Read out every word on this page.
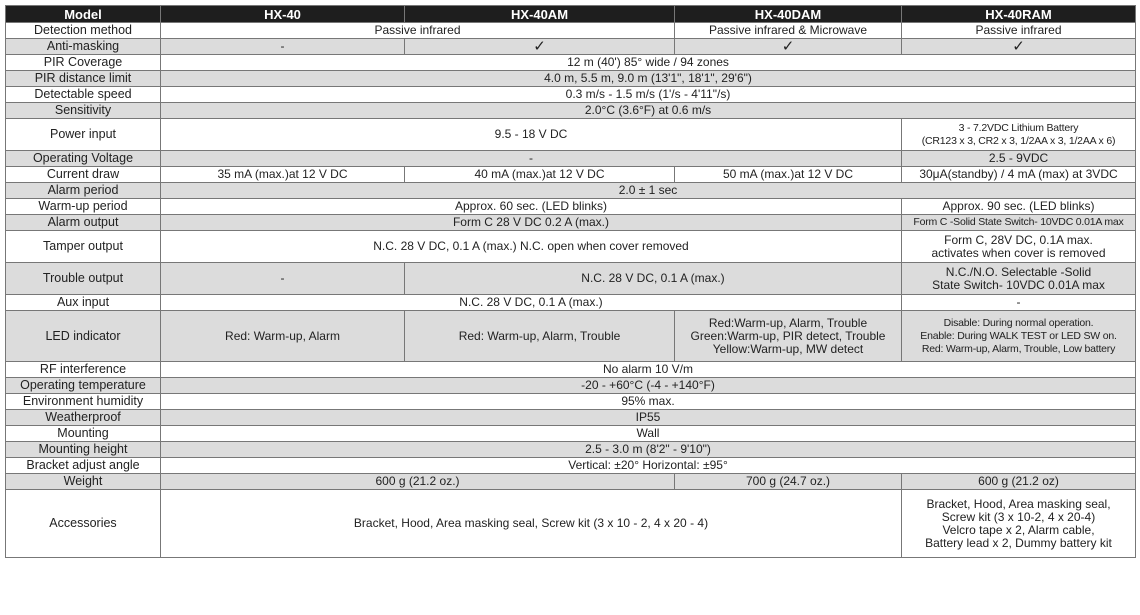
Model	HX-40	HX-40AM	HX-40DAM	HX-40RAM
Detection method	Passive infrared		Passive infrared & Microwave	Passive infrared

Anti-masking	-	✓	✓	✓

PIR Coverage	12 m (40') 85° wide / 94 zones			

PIR distance limit	4.0 m, 5.5 m, 9.0 m (13'1", 18'1", 29'6")			

Detectable speed	0.3 m/s - 1.5 m/s (1'/s - 4'11"/s)			

Sensitivity	2.0°C (3.6°F) at 0.6 m/s			

Power input	9.5 - 18 V DC			3 - 7.2VDC Lithium Battery
(CR123 x 3, CR2 x 3, 1/2AA x 3, 1/2AA x 6)

Operating Voltage	-			2.5 - 9VDC

Current draw	35 mA (max.)at 12 V DC	40 mA (max.)at 12 V DC	50 mA (max.)at 12 V DC	30μA(standby) / 4 mA (max) at 3VDC

Alarm period	2.0 ± 1 sec			

Warm-up period	Approx. 60 sec. (LED blinks)			Approx. 90 sec. (LED blinks)

Alarm output	Form C 28 V DC 0.2 A (max.)			Form C -Solid State Switch- 10VDC 0.01A max

Tamper output	N.C. 28 V DC, 0.1 A (max.) N.C. open when cover removed			Form C, 28V DC, 0.1A max.
activates when cover is removed

Trouble output	-	N.C. 28 V DC, 0.1 A (max.)		N.C./N.O. Selectable -Solid
State Switch- 10VDC 0.01A max

Aux input	N.C. 28 V DC, 0.1 A (max.)			-

LED indicator	Red: Warm-up, Alarm	Red: Warm-up, Alarm, Trouble	Red:Warm-up, Alarm, Trouble
Green:Warm-up, PIR detect, Trouble
Yellow:Warm-up, MW detect	Disable: During normal operation.
Enable: During WALK TEST or LED SW on.
Red: Warm-up, Alarm, Trouble, Low battery

RF interference	No alarm 10 V/m			

Operating temperature	-20 - +60°C (-4 - +140°F)			

Environment humidity	95% max.			

Weatherproof	IP55			

Mounting	Wall			

Mounting height	2.5 - 3.0 m (8'2" - 9'10")			

Bracket adjust angle	Vertical: ±20° Horizontal: ±95°			

Weight	600 g (21.2 oz.)		700 g (24.7 oz.)	600 g (21.2 oz)

Accessories	Bracket, Hood, Area masking seal, Screw kit (3 x 10 - 2, 4 x 20 - 4)			Bracket, Hood, Area masking seal,
Screw kit (3 x 10-2, 4 x 20-4)
Velcro tape x 2, Alarm cable,
Battery lead x 2, Dummy battery kit
